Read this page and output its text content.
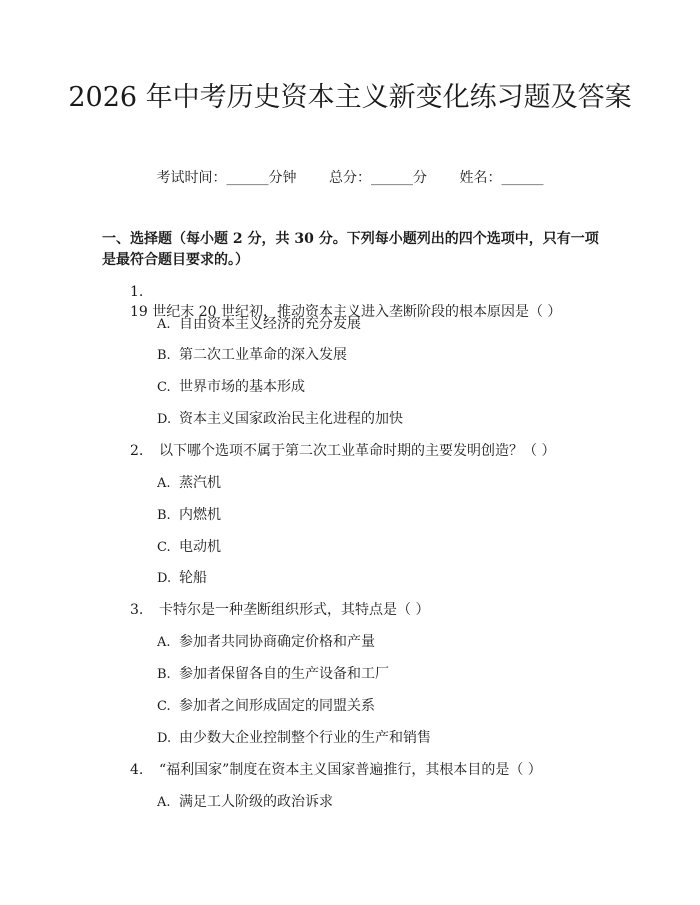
2026 年中考历史资本主义新变化练习题及答案
考试时间：______分钟 总分：______分 姓名：______
一、选择题（每小题 2 分，共 30 分。下列每小题列出的四个选项中，只有一项是最符合题目要求的。）
1.19 世纪末 20 世纪初，推动资本主义进入垄断阶段的根本原因是（ ）
A. 自由资本主义经济的充分发展
B. 第二次工业革命的深入发展
C. 世界市场的基本形成
D. 资本主义国家政治民主化进程的加快
2. 以下哪个选项不属于第二次工业革命时期的主要发明创造？（ ）
A. 蒸汽机
B. 内燃机
C. 电动机
D. 轮船
3. 卡特尔是一种垄断组织形式，其特点是（ ）
A. 参加者共同协商确定价格和产量
B. 参加者保留各自的生产设备和工厂
C. 参加者之间形成固定的同盟关系
D. 由少数大企业控制整个行业的生产和销售
4. “福利国家”制度在资本主义国家普遍推行，其根本目的是（ ）
A. 满足工人阶级的政治诉求
